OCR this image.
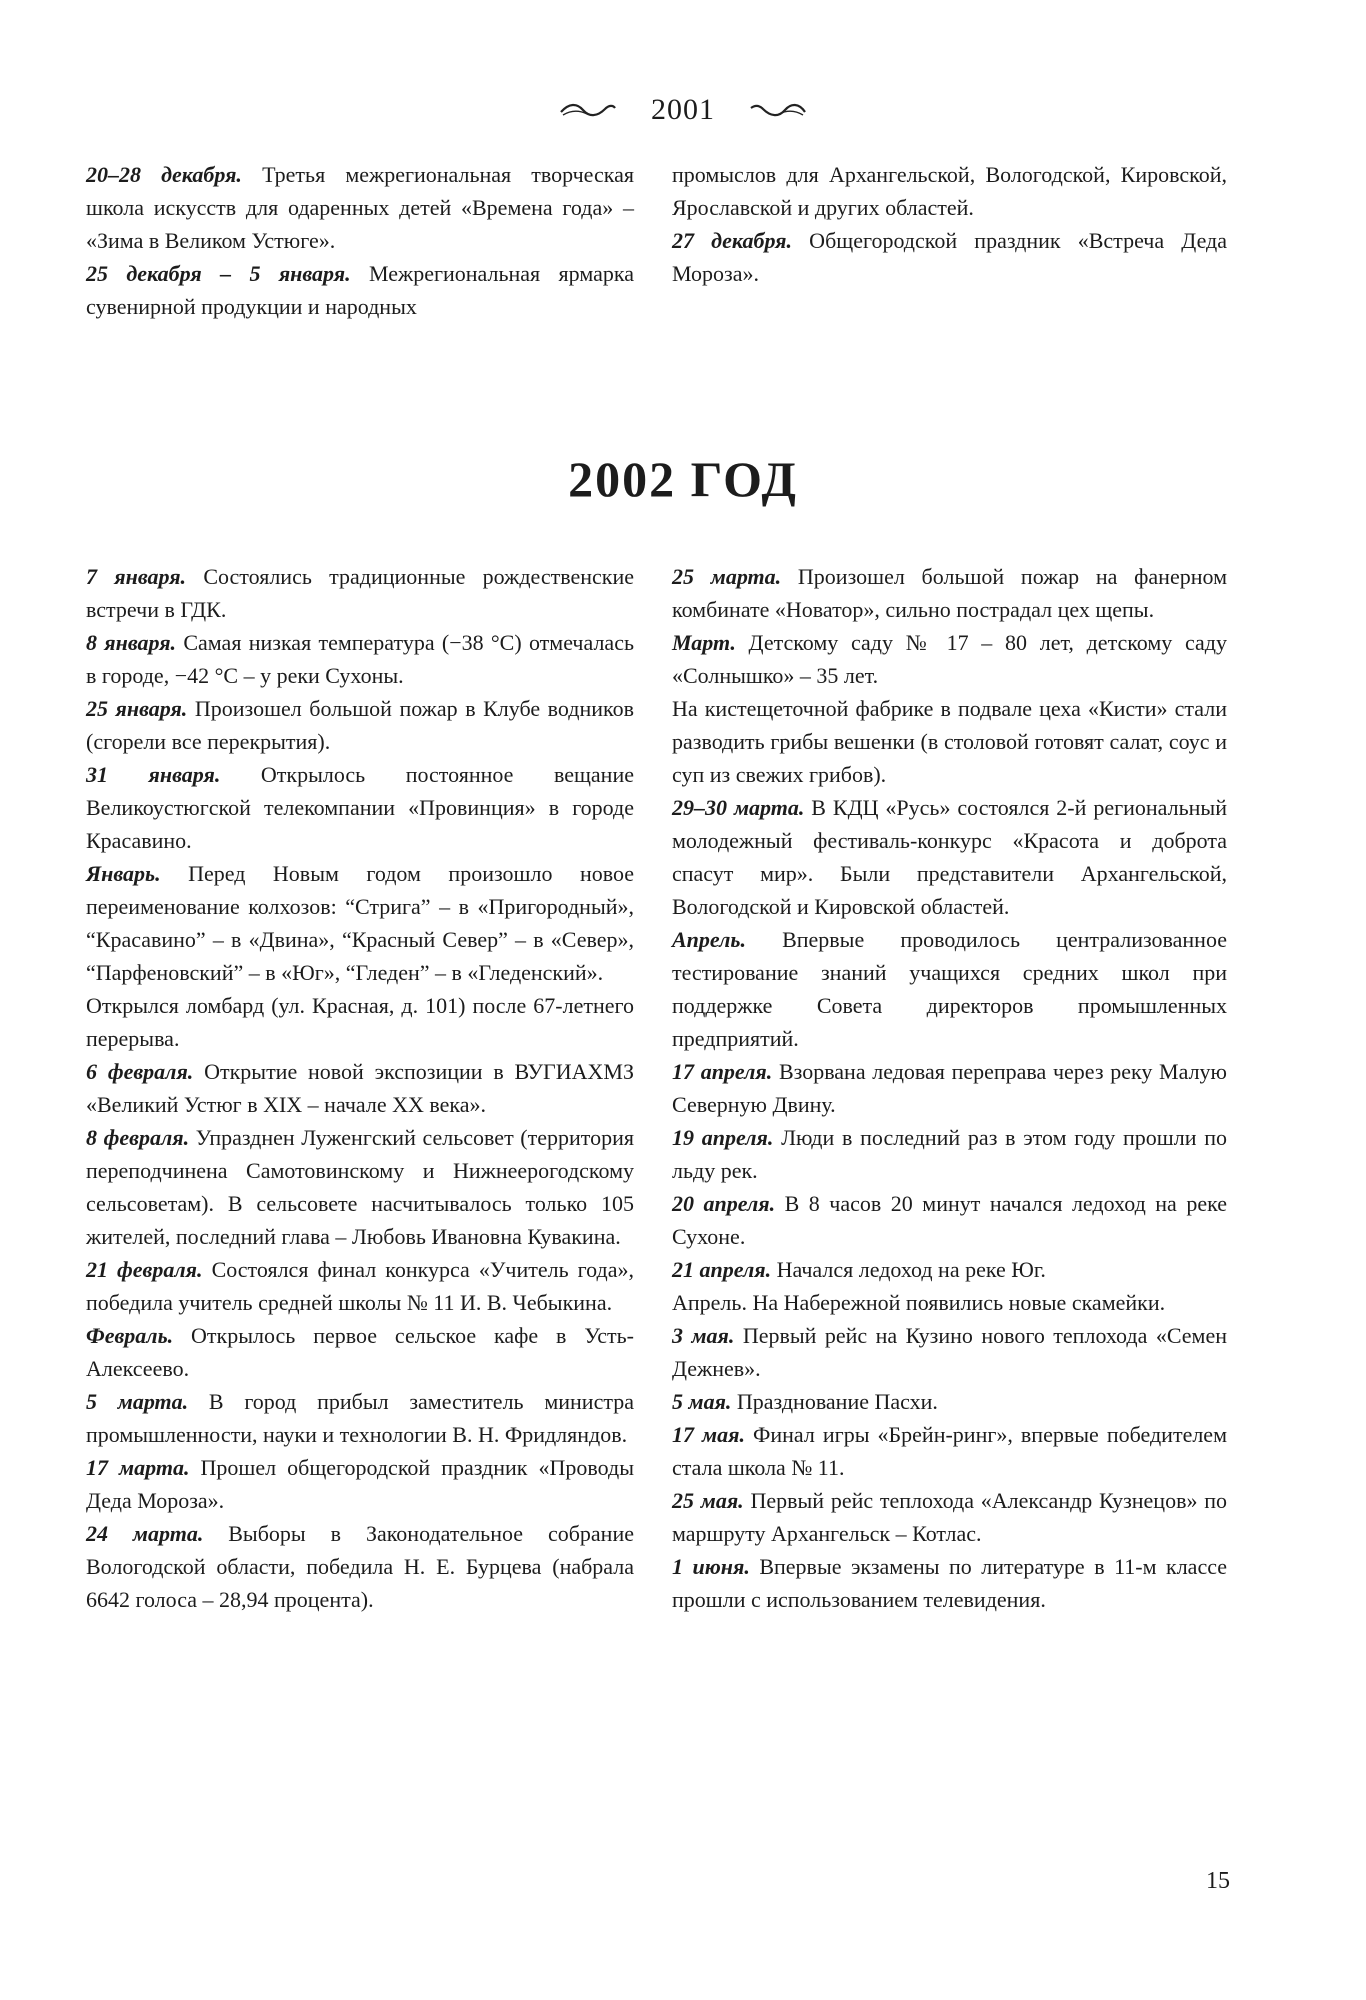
2001

20–28 декабря. Третья межрегиональная творческая школа искусств для одаренных детей «Времена года» – «Зима в Великом Устюге».

25 декабря – 5 января. Межрегиональная ярмарка сувенирной продукции и народных

промыслов для Архангельской, Вологодской, Кировской, Ярославской и других областей.

27 декабря. Общегородской праздник «Встреча Деда Мороза».

2002 ГОД

7 января. Состоялись традиционные рождественские встречи в ГДК.

8 января. Самая низкая температура (−38 °С) отмечалась в городе, −42 °С – у реки Сухоны.

25 января. Произошел большой пожар в Клубе водников (сгорели все перекрытия).

31 января. Открылось постоянное вещание Великоустюгской телекомпании «Провинция» в городе Красавино.

Январь. Перед Новым годом произошло новое переименование колхозов: “Стрига” – в «Пригородный», “Красавино” – в «Двина», “Красный Север” – в «Север», “Парфеновский” – в «Юг», “Гледен” – в «Гледенский».

Открылся ломбард (ул. Красная, д. 101) после 67-летнего перерыва.

6 февраля. Открытие новой экспозиции в ВУГИАХМЗ «Великий Устюг в XIX – начале XX века».

8 февраля. Упразднен Луженгский сельсовет (территория переподчинена Самотовинскому и Нижнеерогодскому сельсоветам). В сельсовете насчитывалось только 105 жителей, последний глава – Любовь Ивановна Кувакина.

21 февраля. Состоялся финал конкурса «Учитель года», победила учитель средней школы № 11 И. В. Чебыкина.

Февраль. Открылось первое сельское кафе в Усть-Алексеево.

5 марта. В город прибыл заместитель министра промышленности, науки и технологии В. Н. Фридляндов.

17 марта. Прошел общегородской праздник «Проводы Деда Мороза».

24 марта. Выборы в Законодательное собрание Вологодской области, победила Н. Е. Бурцева (набрала 6642 голоса – 28,94 процента).

25 марта. Произошел большой пожар на фанерном комбинате «Новатор», сильно пострадал цех щепы.

Март. Детскому саду № 17 – 80 лет, детскому саду «Солнышко» – 35 лет.

На кистещеточной фабрике в подвале цеха «Кисти» стали разводить грибы вешенки (в столовой готовят салат, соус и суп из свежих грибов).

29–30 марта. В КДЦ «Русь» состоялся 2-й региональный молодежный фестиваль-конкурс «Красота и доброта спасут мир». Были представители Архангельской, Вологодской и Кировской областей.

Апрель. Впервые проводилось централизованное тестирование знаний учащихся средних школ при поддержке Совета директоров промышленных предприятий.

17 апреля. Взорвана ледовая переправа через реку Малую Северную Двину.

19 апреля. Люди в последний раз в этом году прошли по льду рек.

20 апреля. В 8 часов 20 минут начался ледоход на реке Сухоне.

21 апреля. Начался ледоход на реке Юг.

Апрель. На Набережной появились новые скамейки.

3 мая. Первый рейс на Кузино нового теплохода «Семен Дежнев».

5 мая. Празднование Пасхи.

17 мая. Финал игры «Брейн-ринг», впервые победителем стала школа № 11.

25 мая. Первый рейс теплохода «Александр Кузнецов» по маршруту Архангельск – Котлас.

1 июня. Впервые экзамены по литературе в 11-м классе прошли с использованием телевидения.

15
